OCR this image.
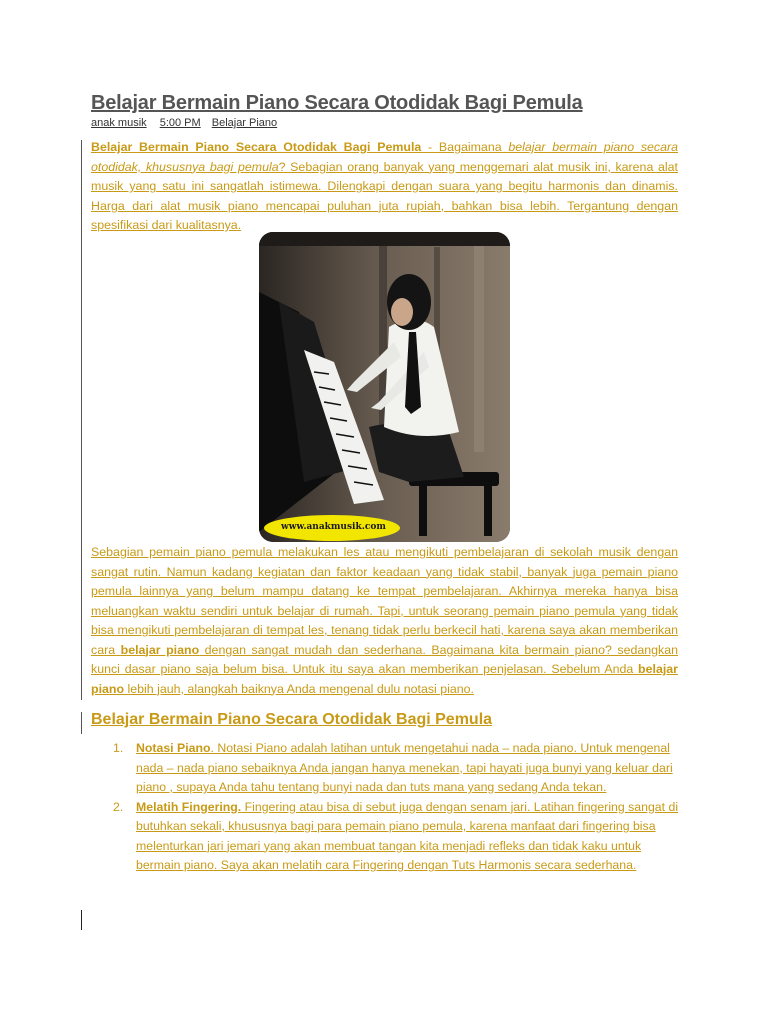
Belajar Bermain Piano Secara Otodidak Bagi Pemula
anak musik 5:00 PM Belajar Piano

Belajar Bermain Piano Secara Otodidak Bagi Pemula - Bagaimana belajar bermain piano secara otodidak, khususnya bagi pemula? Sebagian orang banyak yang menggemari alat musik ini, karena alat musik yang satu ini sangatlah istimewa. Dilengkapi dengan suara yang begitu harmonis dan dinamis. Harga dari alat musik piano mencapai puluhan juta rupiah, bahkan bisa lebih. Tergantung dengan spesifikasi dari kualitasnya.

www.anakmusik.com

Sebagian pemain piano pemula melakukan les atau mengikuti pembelajaran di sekolah musik dengan sangat rutin. Namun kadang kegiatan dan faktor keadaan yang tidak stabil, banyak juga pemain piano pemula lainnya yang belum mampu datang ke tempat pembelajaran. Akhirnya mereka hanya bisa meluangkan waktu sendiri untuk belajar di rumah. Tapi, untuk seorang pemain piano pemula yang tidak bisa mengikuti pembelajaran di tempat les, tenang tidak perlu berkecil hati, karena saya akan memberikan cara belajar piano dengan sangat mudah dan sederhana. Bagaimana kita bermain piano? sedangkan kunci dasar piano saja belum bisa. Untuk itu saya akan memberikan penjelasan. Sebelum Anda belajar piano lebih jauh, alangkah baiknya Anda mengenal dulu notasi piano.

Belajar Bermain Piano Secara Otodidak Bagi Pemula
1. Notasi Piano. Notasi Piano adalah latihan untuk mengetahui nada – nada piano. Untuk mengenal nada – nada piano sebaiknya Anda jangan hanya menekan, tapi hayati juga bunyi yang keluar dari piano , supaya Anda tahu tentang bunyi nada dan tuts mana yang sedang Anda tekan.
2. Melatih Fingering. Fingering atau bisa di sebut juga dengan senam jari. Latihan fingering sangat di butuhkan sekali, khususnya bagi para pemain piano pemula, karena manfaat dari fingering bisa melenturkan jari jemari yang akan membuat tangan kita menjadi refleks dan tidak kaku untuk bermain piano. Saya akan melatih cara Fingering dengan Tuts Harmonis secara sederhana.
